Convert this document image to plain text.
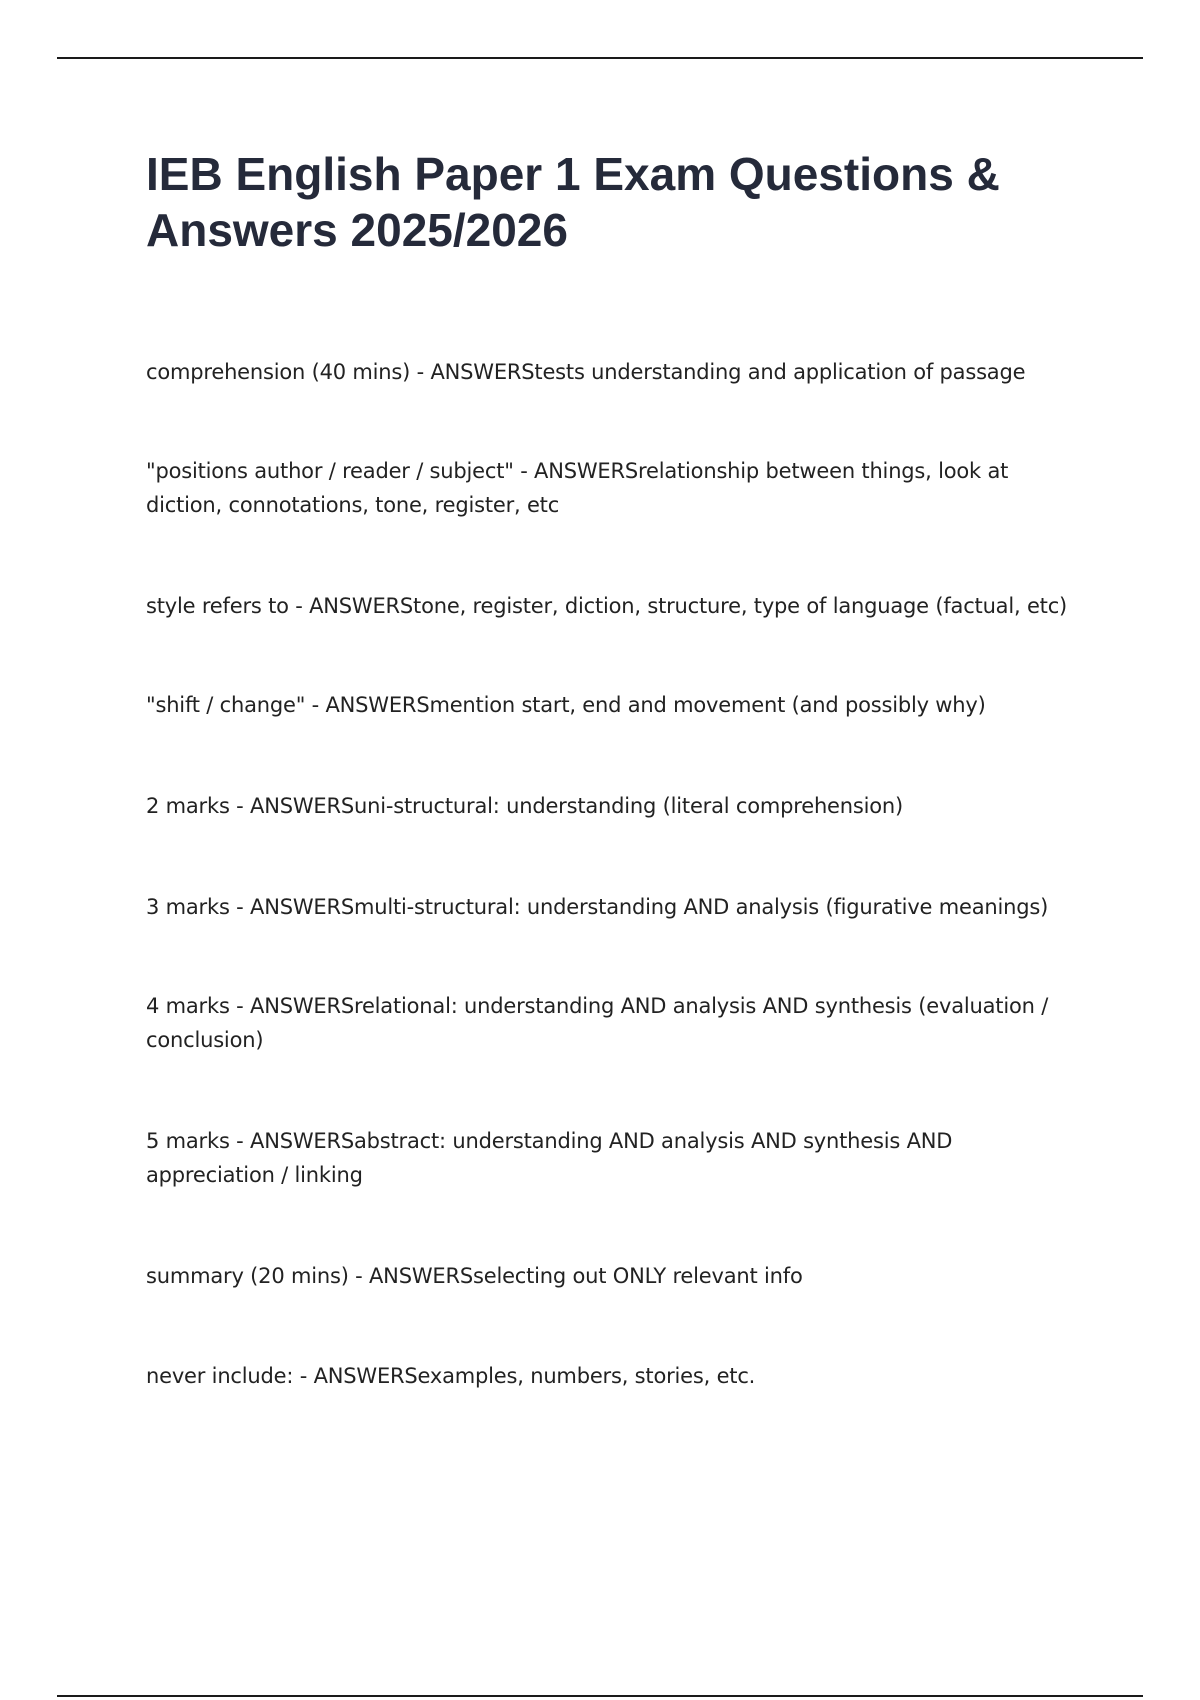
IEB English Paper 1 Exam Questions & Answers 2025/2026

comprehension (40 mins) - ANSWERStests understanding and application of passage

"positions author / reader / subject" - ANSWERSrelationship between things, look at diction, connotations, tone, register, etc

style refers to - ANSWERStone, register, diction, structure, type of language (factual, etc)

"shift / change" - ANSWERSmention start, end and movement (and possibly why)

2 marks - ANSWERSuni-structural: understanding (literal comprehension)

3 marks - ANSWERSmulti-structural: understanding AND analysis (figurative meanings)

4 marks - ANSWERSrelational: understanding AND analysis AND synthesis (evaluation / conclusion)

5 marks - ANSWERSabstract: understanding AND analysis AND synthesis AND appreciation / linking

summary (20 mins) - ANSWERSselecting out ONLY relevant info

never include: - ANSWERSexamples, numbers, stories, etc.
